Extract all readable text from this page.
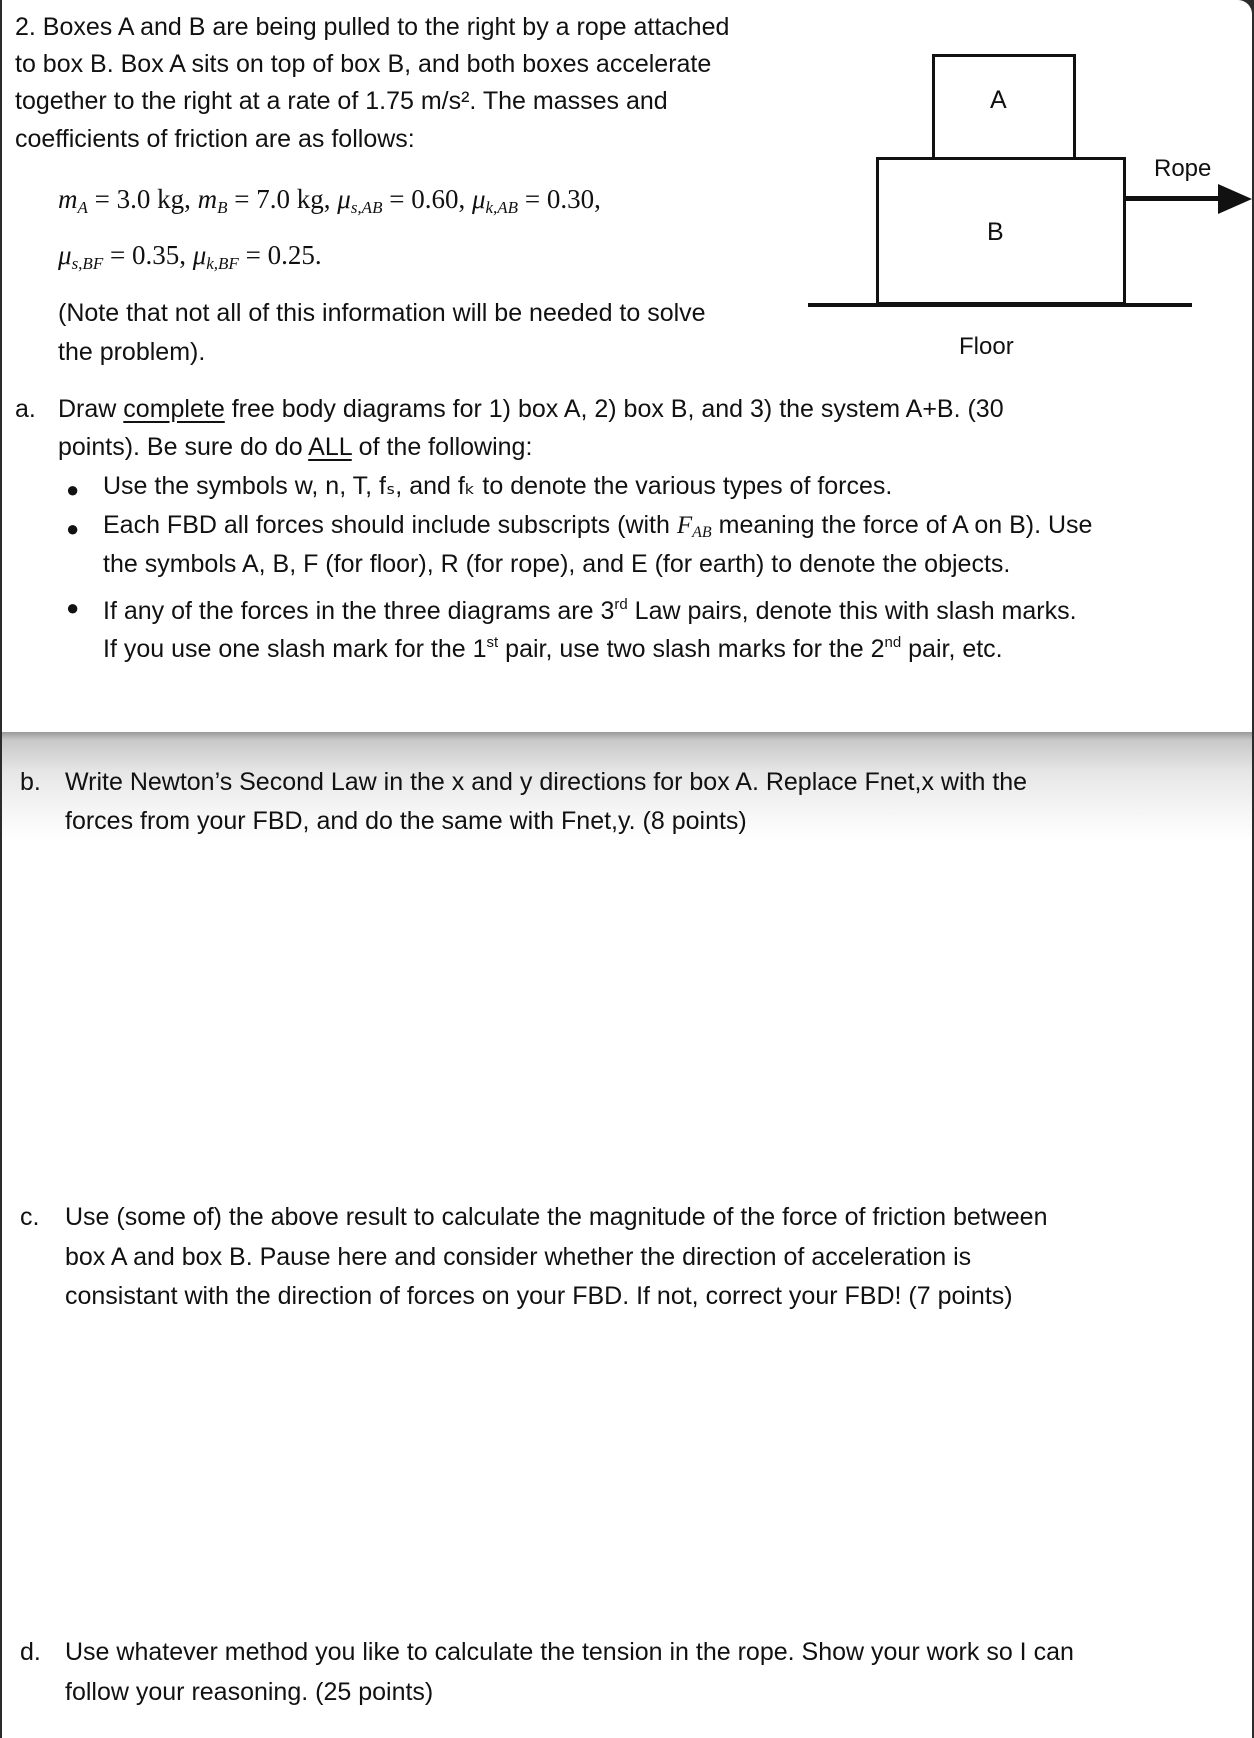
2. Boxes A and B are being pulled to the right by a rope attached

to box B. Box A sits on top of box B, and both boxes accelerate

together to the right at a rate of 1.75 m/s². The masses and

coefficients of friction are as follows:

$m_A = 3.0$ kg, $m_B = 7.0$ kg, $\mu_{s,AB} = 0.60$, $\mu_{k,AB} = 0.30$,

$\mu_{s,BF} = 0.35$, $\mu_{k,BF} = 0.25$.

(Note that not all of this information will be needed to solve

the problem).

A
B
Floor
Rope
a. Draw complete free body diagrams for 1) box A, 2) box B, and 3) the system A+B. (30

points). Be sure do do ALL of the following:

● Use the symbols w, n, T, fₛ, and fₖ to denote the various types of forces.

● Each FBD all forces should include subscripts (with $F_{AB}$ meaning the force of A on B). Use

the symbols A, B, F (for floor), R (for rope), and E (for earth) to denote the objects.

● If any of the forces in the three diagrams are 3rd Law pairs, denote this with slash marks.

If you use one slash mark for the 1st pair, use two slash marks for the 2nd pair, etc.

b. Write Newton’s Second Law in the x and y directions for box A. Replace Fnet,x with the

forces from your FBD, and do the same with Fnet,y. (8 points)

c. Use (some of) the above result to calculate the magnitude of the force of friction between

box A and box B. Pause here and consider whether the direction of acceleration is

consistant with the direction of forces on your FBD. If not, correct your FBD! (7 points)

d. Use whatever method you like to calculate the tension in the rope. Show your work so I can

follow your reasoning. (25 points)
